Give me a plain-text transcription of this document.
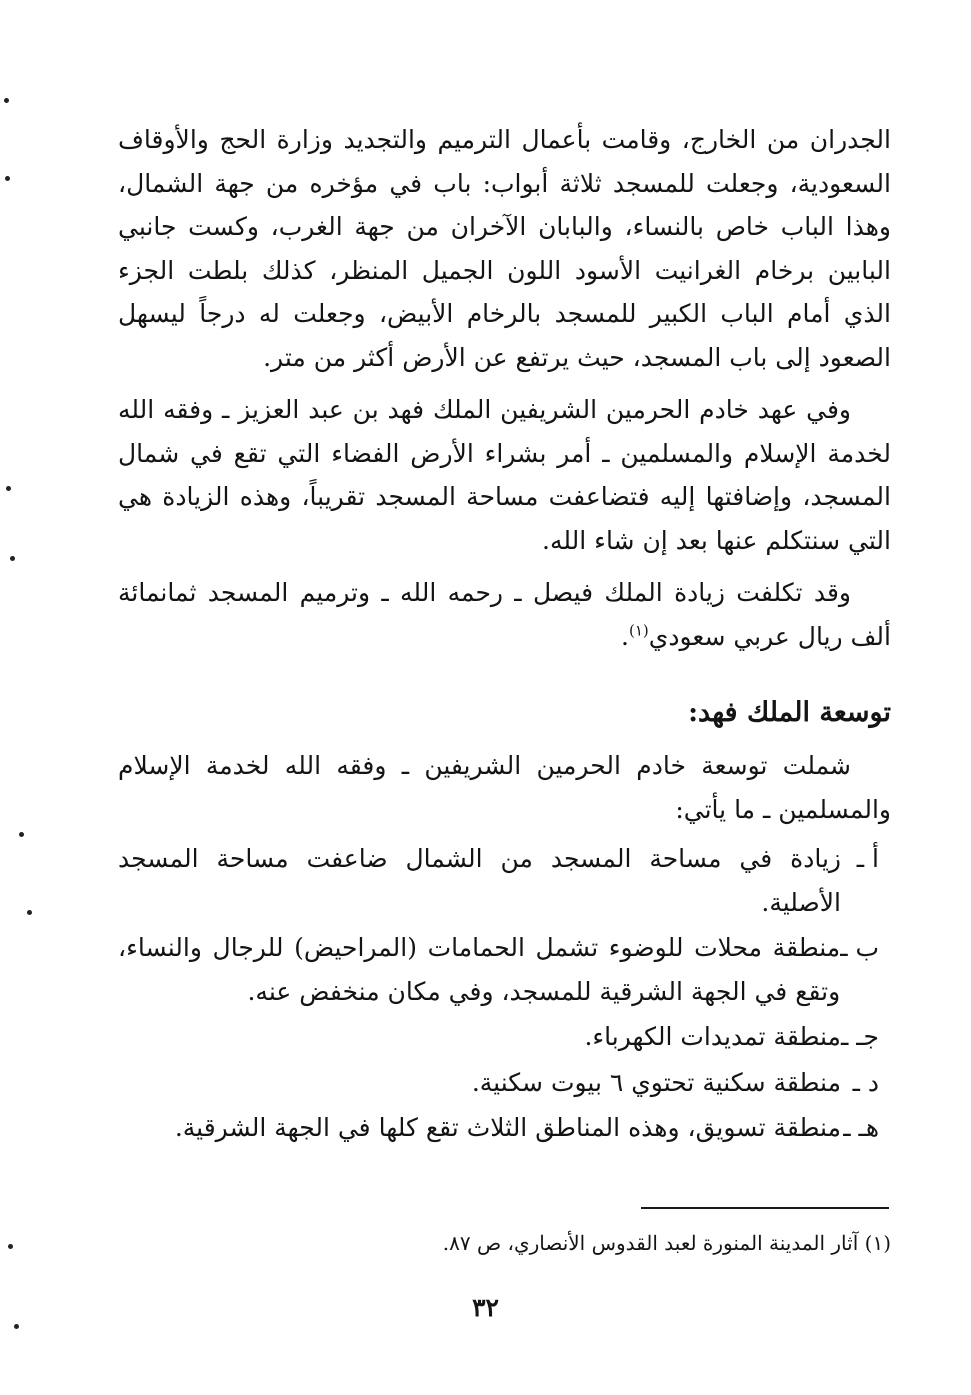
الجدران من الخارج، وقامت بأعمال الترميم والتجديد وزارة الحج والأوقاف السعودية، وجعلت للمسجد ثلاثة أبواب: باب في مؤخره من جهة الشمال، وهذا الباب خاص بالنساء، والبابان الآخران من جهة الغرب، وكست جانبي البابين برخام الغرانيت الأسود اللون الجميل المنظر، كذلك بلطت الجزء الذي أمام الباب الكبير للمسجد بالرخام الأبيض، وجعلت له درجاً ليسهل الصعود إلى باب المسجد، حيث يرتفع عن الأرض أكثر من متر.

وفي عهد خادم الحرمين الشريفين الملك فهد بن عبد العزيز ـ وفقه الله لخدمة الإسلام والمسلمين ـ أمر بشراء الأرض الفضاء التي تقع في شمال المسجد، وإضافتها إليه فتضاعفت مساحة المسجد تقريباً، وهذه الزيادة هي التي سنتكلم عنها بعد إن شاء الله.

وقد تكلفت زيادة الملك فيصل ـ رحمه الله ـ وترميم المسجد ثمانمائة ألف ريال عربي سعودي$^{(١)}$.

توسعة الملك فهد:

شملت توسعة خادم الحرمين الشريفين ـ وفقه الله لخدمة الإسلام والمسلمين ـ ما يأتي:

أ ـ
زيادة في مساحة المسجد من الشمال ضاعفت مساحة المسجد الأصلية.
ب ـ
منطقة محلات للوضوء تشمل الحمامات (المراحيض) للرجال والنساء، وتقع في الجهة الشرقية للمسجد، وفي مكان منخفض عنه.
جـ ـ
منطقة تمديدات الكهرباء.
د ـ
منطقة سكنية تحتوي ٦ بيوت سكنية.
هـ ـ
منطقة تسويق، وهذه المناطق الثلاث تقع كلها في الجهة الشرقية.
(١) آثار المدينة المنورة لعبد القدوس الأنصاري، ص ٨٧.
٣٢
